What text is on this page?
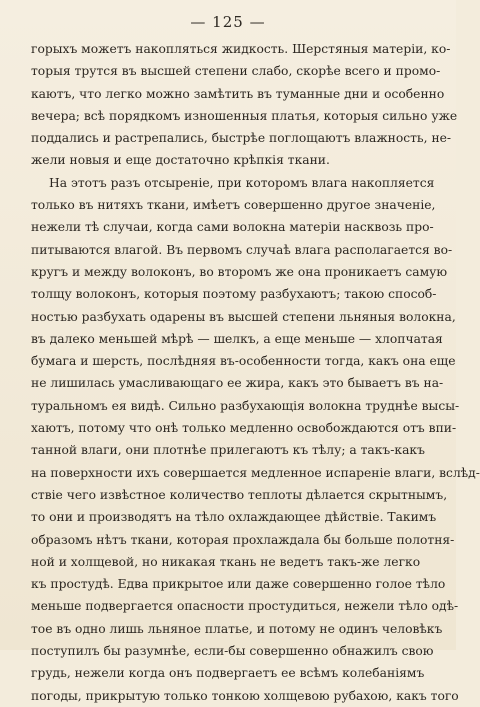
— 125 —
горыхъ можетъ накопляться жидкость. Шерстяныя матеріи, ко-
торыя трутся въ высшей степени слабо, скорѣе всего и промо-
каютъ, что легко можно замѣтить въ туманные дни и особенно
вечера; всѣ порядкомъ изношенныя платья, которыя сильно уже
поддались и растрепались, быстрѣе поглощаютъ влажность, не-
жели новыя и еще достаточно крѣпкія ткани.
На этотъ разъ отсыреніе, при которомъ влага накопляется
только въ нитяхъ ткани, имѣетъ совершенно другое значеніе,
нежели тѣ случаи, когда сами волокна матеріи насквозь про-
питываются влагой. Въ первомъ случаѣ влага располагается во-
кругъ и между волоконъ, во второмъ же она проникаетъ самую
толщу волоконъ, которыя поэтому разбухаютъ; такою способ-
ностью разбухать одарены въ высшей степени льняныя волокна,
въ далеко меньшей мѣрѣ — шелкъ, а еще меньше — хлопчатая
бумага и шерсть, послѣдняя въ-особенности тогда, какъ она еще
не лишилась умасливающаго ее жира, какъ это бываетъ въ на-
туральномъ ея видѣ. Сильно разбухающія волокна труднѣе высы-
хаютъ, потому что онѣ только медленно освобождаются отъ впи-
танной влаги, они плотнѣе прилегаютъ къ тѣлу; а такъ-какъ
на поверхности ихъ совершается медленное испареніе влаги, вслѣд-
ствіе чего извѣстное количество теплоты дѣлается скрытнымъ,
то они и производятъ на тѣло охлаждающее дѣйствіе. Такимъ
образомъ нѣтъ ткани, которая прохлаждала бы больше полотня-
ной и холщевой, но никакая ткань не ведетъ такъ-же легко
къ простудѣ. Едва прикрытое или даже совершенно голое тѣло
меньше подвергается опасности простудиться, нежели тѣло одѣ-
тое въ одно лишь льняное платье, и потому не одинъ человѣкъ
поступилъ бы разумнѣе, если-бы совершенно обнажилъ свою
грудь, нежели когда онъ подвергаетъ ее всѣмъ колебаніямъ
погоды, прикрытую только тонкою холщевою рубахою, какъ того
